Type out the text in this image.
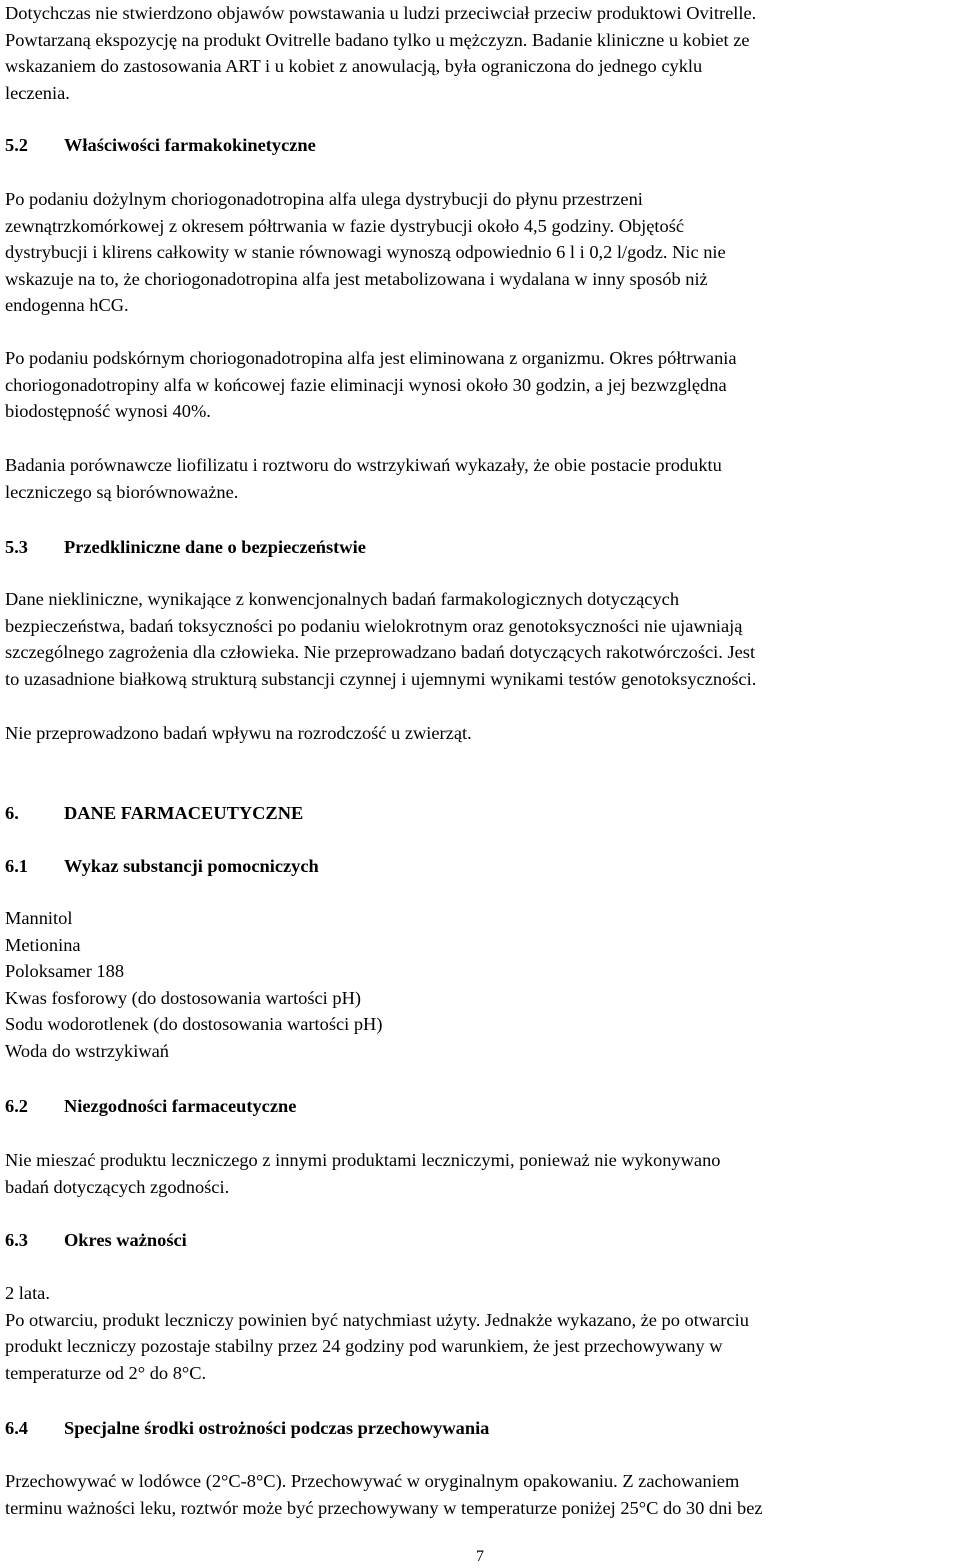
Dotychczas nie stwierdzono objawów powstawania u ludzi przeciwciał przeciw produktowi Ovitrelle.
Powtarzaną ekspozycję na produkt Ovitrelle badano tylko u mężczyzn. Badanie kliniczne u kobiet ze
wskazaniem do zastosowania ART i u kobiet z anowulacją, była ograniczona do jednego cyklu
leczenia.
5.2 Właściwości farmakokinetyczne
Po podaniu dożylnym choriogonadotropina alfa ulega dystrybucji do płynu przestrzeni
zewnątrzkomórkowej z okresem półtrwania w fazie dystrybucji około 4,5 godziny. Objętość
dystrybucji i klirens całkowity w stanie równowagi wynoszą odpowiednio 6 l i 0,2 l/godz. Nic nie
wskazuje na to, że choriogonadotropina alfa jest metabolizowana i wydalana w inny sposób niż
endogenna hCG.
Po podaniu podskórnym choriogonadotropina alfa jest eliminowana z organizmu. Okres półtrwania
choriogonadotropiny alfa w końcowej fazie eliminacji wynosi około 30 godzin, a jej bezwzględna
biodostępność wynosi 40%.
Badania porównawcze liofilizatu i roztworu do wstrzykiwań wykazały, że obie postacie produktu
leczniczego są biorównoważne.
5.3 Przedkliniczne dane o bezpieczeństwie
Dane niekliniczne, wynikające z konwencjonalnych badań farmakologicznych dotyczących
bezpieczeństwa, badań toksyczności po podaniu wielokrotnym oraz genotoksyczności nie ujawniają
szczególnego zagrożenia dla człowieka. Nie przeprowadzano badań dotyczących rakotwórczości. Jest
to uzasadnione białkową strukturą substancji czynnej i ujemnymi wynikami testów genotoksyczności.
Nie przeprowadzono badań wpływu na rozrodczość u zwierząt.
6. DANE FARMACEUTYCZNE
6.1 Wykaz substancji pomocniczych
Mannitol
Metionina
Poloksamer 188
Kwas fosforowy (do dostosowania wartości pH)
Sodu wodorotlenek (do dostosowania wartości pH)
Woda do wstrzykiwań
6.2 Niezgodności farmaceutyczne
Nie mieszać produktu leczniczego z innymi produktami leczniczymi, ponieważ nie wykonywano
badań dotyczących zgodności.
6.3 Okres ważności
2 lata.
Po otwarciu, produkt leczniczy powinien być natychmiast użyty. Jednakże wykazano, że po otwarciu
produkt leczniczy pozostaje stabilny przez 24 godziny pod warunkiem, że jest przechowywany w
temperaturze od 2° do 8°C.
6.4 Specjalne środki ostrożności podczas przechowywania
Przechowywać w lodówce (2°C-8°C). Przechowywać w oryginalnym opakowaniu. Z zachowaniem
terminu ważności leku, roztwór może być przechowywany w temperaturze poniżej 25°C do 30 dni bez
7
